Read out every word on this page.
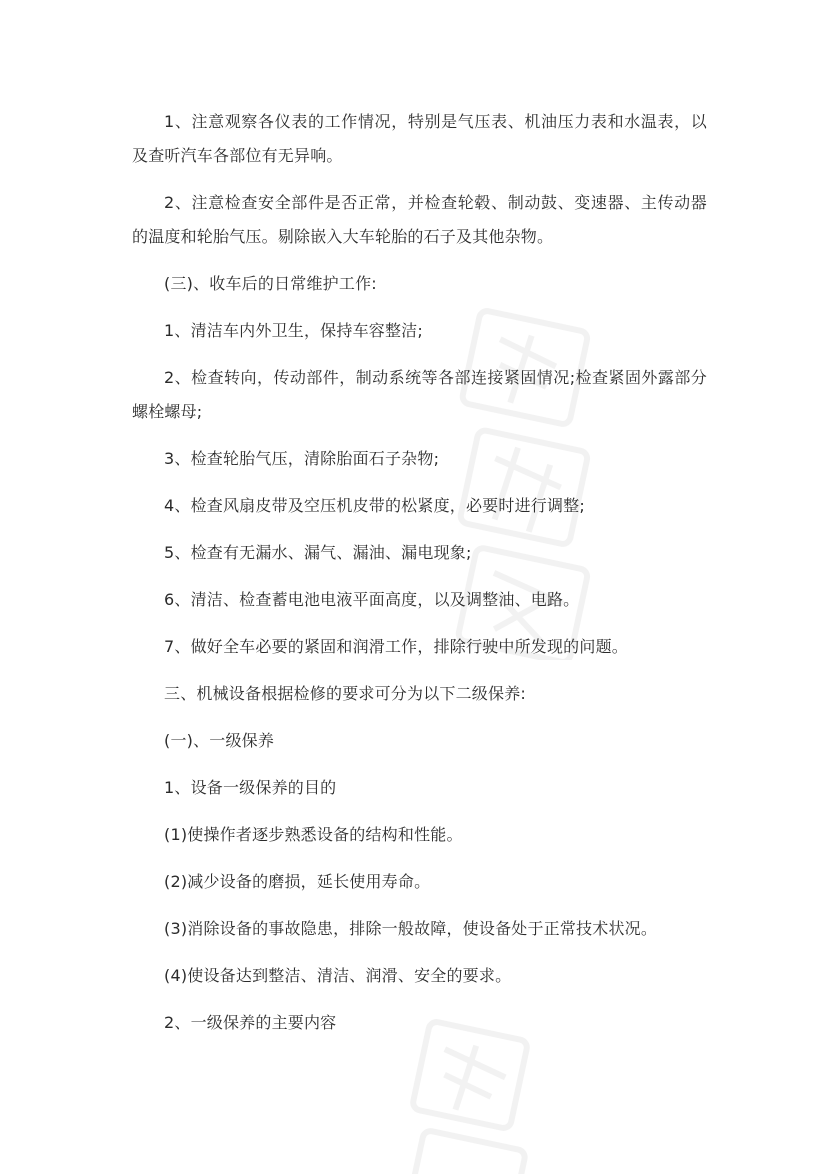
1、注意观察各仪表的工作情况，特别是气压表、机油压力表和水温表，以及查听汽车各部位有无异响。

2、注意检查安全部件是否正常，并检查轮毂、制动鼓、变速器、主传动器的温度和轮胎气压。剔除嵌入大车轮胎的石子及其他杂物。

(三)、收车后的日常维护工作:

1、清洁车内外卫生，保持车容整洁;

2、检查转向，传动部件，制动系统等各部连接紧固情况;检查紧固外露部分螺栓螺母;

3、检查轮胎气压，清除胎面石子杂物;

4、检查风扇皮带及空压机皮带的松紧度，必要时进行调整;

5、检查有无漏水、漏气、漏油、漏电现象;

6、清洁、检查蓄电池电液平面高度，以及调整油、电路。

7、做好全车必要的紧固和润滑工作，排除行驶中所发现的问题。

三、机械设备根据检修的要求可分为以下二级保养:

(一)、一级保养

1、设备一级保养的目的

(1)使操作者逐步熟悉设备的结构和性能。

(2)减少设备的磨损，延长使用寿命。

(3)消除设备的事故隐患，排除一般故障，使设备处于正常技术状况。

(4)使设备达到整洁、清洁、润滑、安全的要求。

2、一级保养的主要内容
